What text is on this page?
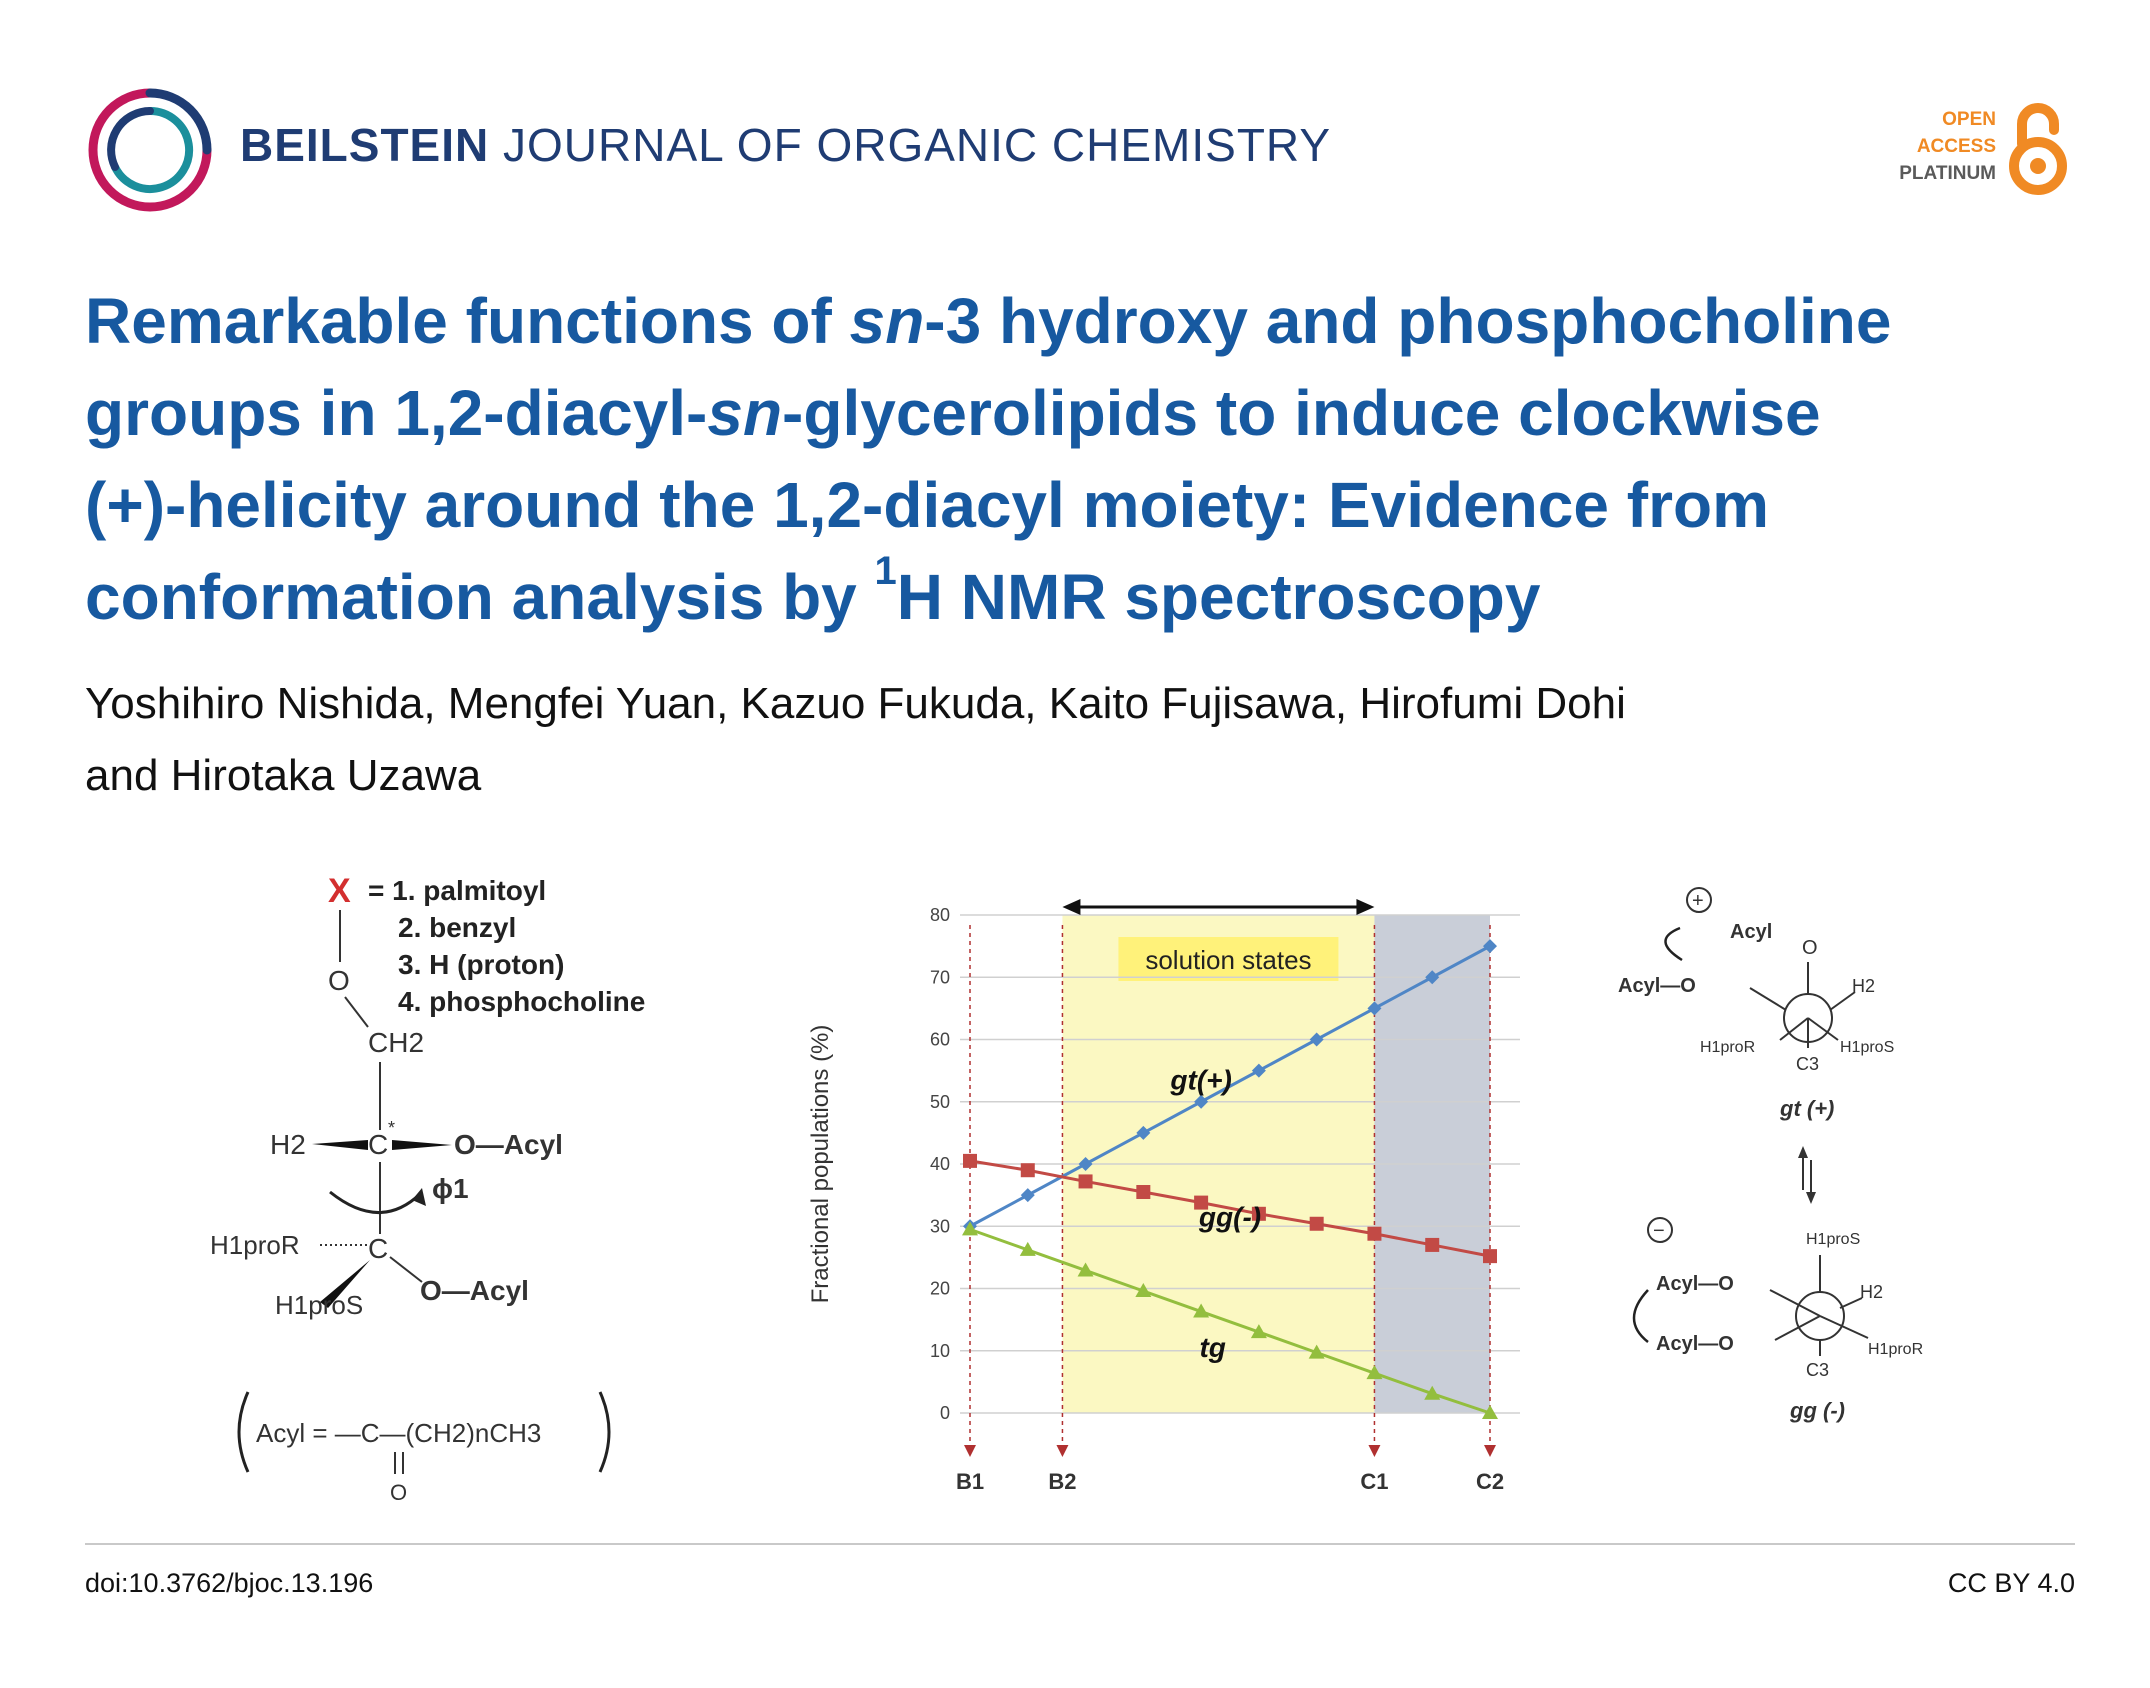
BEILSTEIN JOURNAL OF ORGANIC CHEMISTRY	OPEN
ACCESS
PLATINUM
Remarkable functions of sn-3 hydroxy and phosphocholine
groups in 1,2-diacyl-sn-glycerolipids to induce clockwise
(+)-helicity around the 1,2-diacyl moiety: Evidence from
conformation analysis by $^1$H NMR spectroscopy
Yoshihiro Nishida, Mengfei Yuan, Kazuo Fukuda, Kaito Fujisawa, Hirofumi Dohi
and Hirotaka Uzawa
X = 1. palmitoyl
2. benzyl
3. H (proton)
4. phosphocholine
O
CH2
H2 C
*
O—Acyl
ϕ1
H1proR C
H1proS O—Acyl
Acyl = —C—(CH2)nCH3
O
solution states
0
10
20
30
40
50
60
70
80
Fractional populations (%)
B1	B2	C1	C2
gt(+)
gg(-)
tg
+
Acyl
O
Acyl—O	H2
H1proR	H1proS
C3
gt (+)
−	H1proS
Acyl—O
Acyl—O
H2
H1proR
C3
gg (-)
doi:10.3762/bjoc.13.196	CC BY 4.0
